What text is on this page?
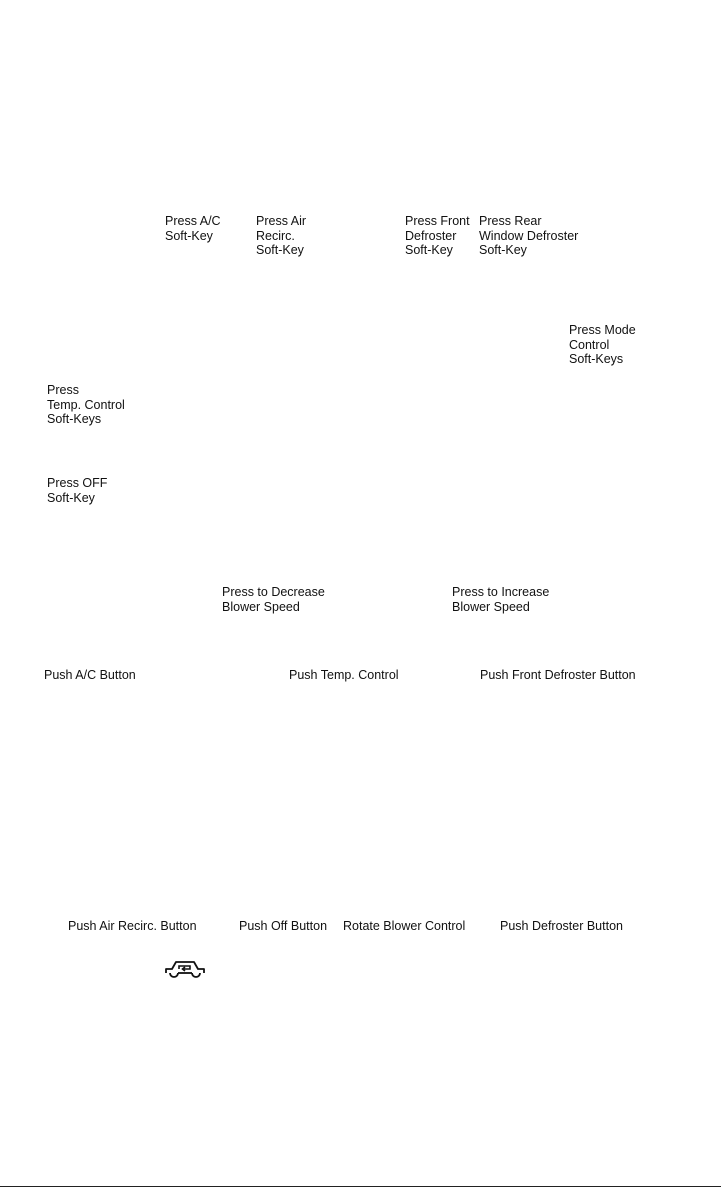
Press A/C
Soft-Key
Press Air
Recirc.
Soft-Key
Press Front
Defroster
Soft-Key
Press Rear
Window Defroster
Soft-Key
Press Mode
Control
Soft-Keys
Press
Temp. Control
Soft-Keys
Press OFF
Soft-Key
Press to Decrease
Blower Speed
Press to Increase
Blower Speed
Push A/C Button	Push Temp. Control	Push Front Defroster Button
Push Air Recirc. Button	Push Off Button Rotate Blower Control	Push Defroster Button
